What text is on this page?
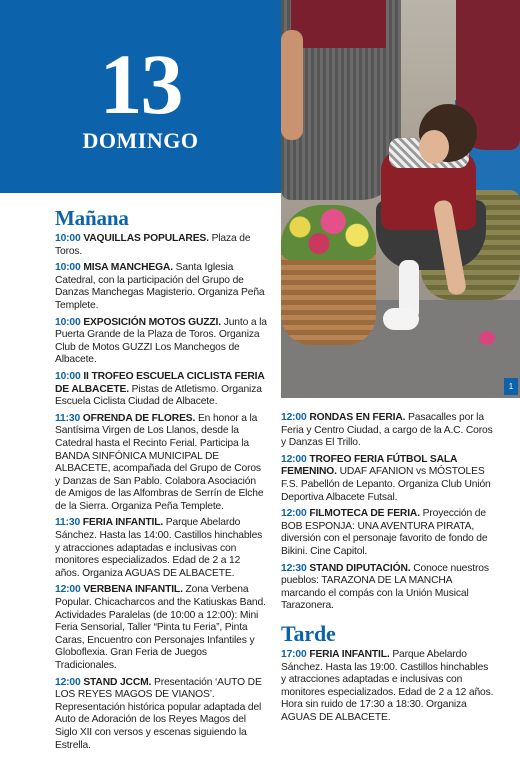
13
DOMINGO
1
Mañana

10:00 VAQUILLAS POPULARES. Plaza de Toros.

10:00 MISA MANCHEGA. Santa Iglesia Catedral, con la participación del Grupo de Danzas Manchegas Magisterio. Organiza Peña Templete.

10:00 EXPOSICIÓN MOTOS GUZZI. Junto a la Puerta Grande de la Plaza de Toros. Organiza Club de Motos GUZZI Los Manchegos de Albacete.

10:00 II TROFEO ESCUELA CICLISTA FERIA DE ALBACETE. Pistas de Atletismo. Organiza Escuela Ciclista Ciudad de Albacete.

11:30 OFRENDA DE FLORES. En honor a la Santísima Virgen de Los Llanos, desde la Catedral hasta el Recinto Ferial. Participa la BANDA SINFÓNICA MUNICIPAL DE ALBACETE, acompañada del Grupo de Coros y Danzas de San Pablo. Colabora Asociación de Amigos de las Alfombras de Serrín de Elche de la Sierra. Organiza Peña Templete.

11:30 FERIA INFANTIL. Parque Abelardo Sánchez. Hasta las 14:00. Castillos hinchables y atracciones adaptadas e inclusivas con monitores especializados. Edad de 2 a 12 años. Organiza AGUAS DE ALBACETE.

12:00 VERBENA INFANTIL. Zona Verbena Popular. Chicacharcos and the Katiuskas Band. Actividades Paralelas (de 10:00 a 12:00): Mini Feria Sensorial, Taller “Pinta tu Feria”, Pinta Caras, Encuentro con Personajes Infantiles y Globoflexia. Gran Feria de Juegos Tradicionales.

12:00 STAND JCCM. Presentación ‘AUTO DE LOS REYES MAGOS DE VIANOS’. Representación histórica popular adaptada del Auto de Adoración de los Reyes Magos del Siglo XII con versos y escenas siguiendo la Estrella.

12:00 RONDAS EN FERIA. Pasacalles por la Feria y Centro Ciudad, a cargo de la A.C. Coros y Danzas El Trillo.

12:00 TROFEO FERIA FÚTBOL SALA FEMENINO. UDAF AFANION vs MÓSTOLES F.S. Pabellón de Lepanto. Organiza Club Unión Deportiva Albacete Futsal.

12:00 FILMOTECA DE FERIA. Proyección de BOB ESPONJA: UNA AVENTURA PIRATA, diversión con el personaje favorito de fondo de Bikini. Cine Capitol.

12:30 STAND DIPUTACIÓN. Conoce nuestros pueblos: TARAZONA DE LA MANCHA marcando el compás con la Unión Musical Tarazonera.

Tarde

17:00 FERIA INFANTIL. Parque Abelardo Sánchez. Hasta las 19:00. Castillos hinchables y atracciones adaptadas e inclusivas con monitores especializados. Edad de 2 a 12 años. Hora sin ruido de 17:30 a 18:30. Organiza AGUAS DE ALBACETE.
